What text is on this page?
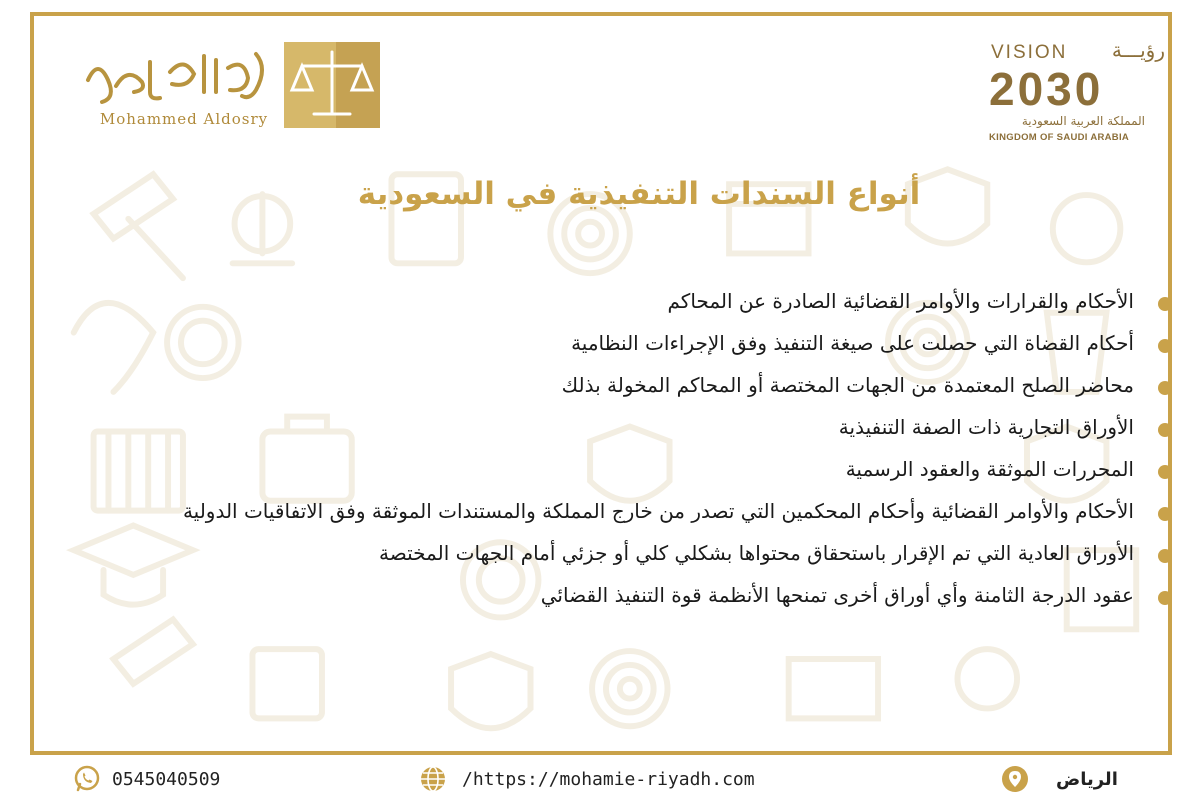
Mohammed Aldosry
VISION رؤيـــة
2030
المملكة العربية السعودية
KINGDOM OF SAUDI ARABIA
أنواع السندات التنفيذية في السعودية
الأحكام والقرارات والأوامر القضائية الصادرة عن المحاكم
أحكام القضاة التي حصلت على صيغة التنفيذ وفق الإجراءات النظامية
محاضر الصلح المعتمدة من الجهات المختصة أو المحاكم المخولة بذلك
الأوراق التجارية ذات الصفة التنفيذية
المحررات الموثقة والعقود الرسمية
الأحكام والأوامر القضائية وأحكام المحكمين التي تصدر من خارج المملكة والمستندات الموثقة وفق الاتفاقيات الدولية
الأوراق العادية التي تم الإقرار باستحقاق محتواها بشكلي كلي أو جزئي أمام الجهات المختصة
عقود الدرجة الثامنة وأي أوراق أخرى تمنحها الأنظمة قوة التنفيذ القضائي
0545040509	/https://mohamie-riyadh.com	الرياض
